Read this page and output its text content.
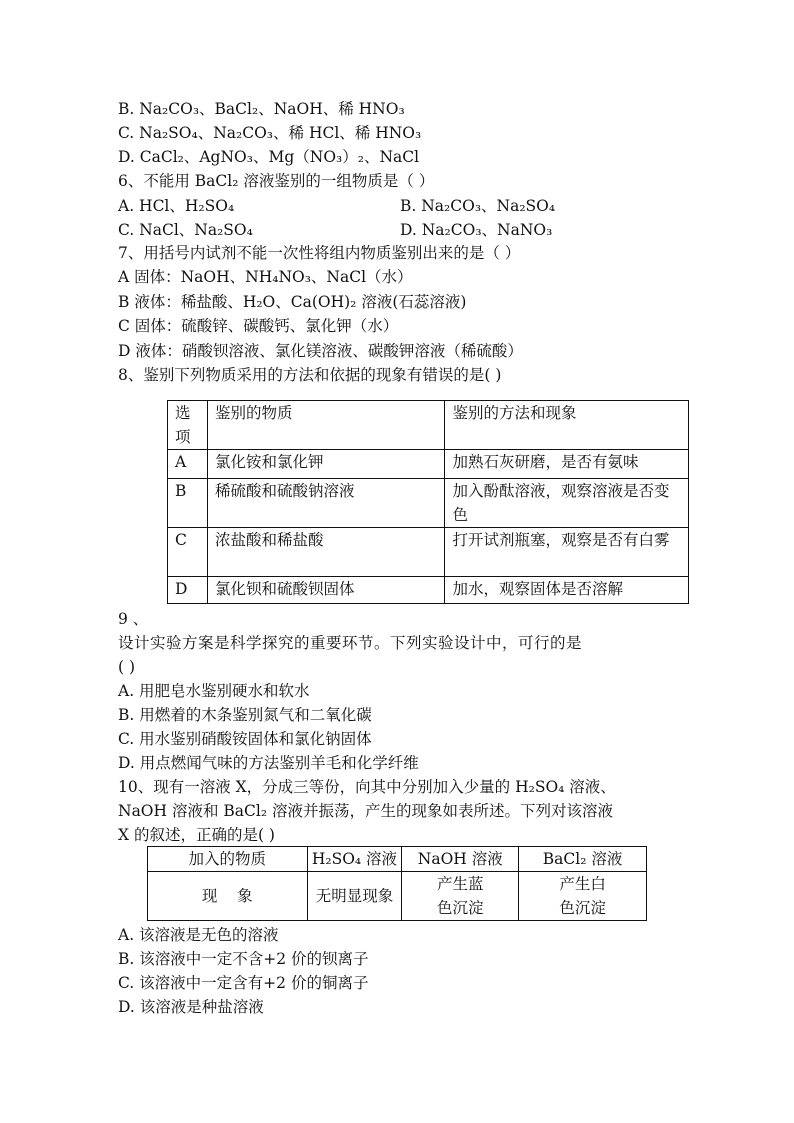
B. Na₂CO₃、BaCl₂、NaOH、稀 HNO₃
C. Na₂SO₄、Na₂CO₃、稀 HCl、稀 HNO₃
D. CaCl₂、AgNO₃、Mg（NO₃）₂、NaCl
6、不能用 BaCl₂ 溶液鉴别的一组物质是（ ）
A. HCl、H₂SO₄	B. Na₂CO₃、Na₂SO₄
C. NaCl、Na₂SO₄	D. Na₂CO₃、NaNO₃
7、用括号内试剂不能一次性将组内物质鉴别出来的是（ ）
A 固体：NaOH、NH₄NO₃、NaCl（水）
B 液体：稀盐酸、H₂O、Ca(OH)₂ 溶液(石蕊溶液)
C 固体：硫酸锌、碳酸钙、氯化钾（水）
D 液体：硝酸钡溶液、氯化镁溶液、碳酸钾溶液（稀硫酸）
8、鉴别下列物质采用的方法和依据的现象有错误的是( )
选项	鉴别的物质	鉴别的方法和现象
A	氯化铵和氯化钾	加熟石灰研磨，是否有氨味
B	稀硫酸和硫酸钠溶液	加入酚酞溶液，观察溶液是否变色
C	浓盐酸和稀盐酸	打开试剂瓶塞，观察是否有白雾
D	氯化钡和硫酸钡固体	加水，观察固体是否溶解
9 、
设计实验方案是科学探究的重要环节。下列实验设计中，可行的是
( )
A. 用肥皂水鉴别硬水和软水
B. 用燃着的木条鉴别氮气和二氧化碳
C. 用水鉴别硝酸铵固体和氯化钠固体
D. 用点燃闻气味的方法鉴别羊毛和化学纤维
10、现有一溶液 X，分成三等份，向其中分别加入少量的 H₂SO₄ 溶液、
NaOH 溶液和 BaCl₂ 溶液并振荡，产生的现象如表所述。下列对该溶液
X 的叙述，正确的是( )
加入的物质	H₂SO₄ 溶液	NaOH 溶液	BaCl₂ 溶液
现    象	无明显现象	产生蓝色沉淀	产生白色沉淀
A. 该溶液是无色的溶液
B. 该溶液中一定不含+2 价的钡离子
C. 该溶液中一定含有+2 价的铜离子
D. 该溶液是种盐溶液
